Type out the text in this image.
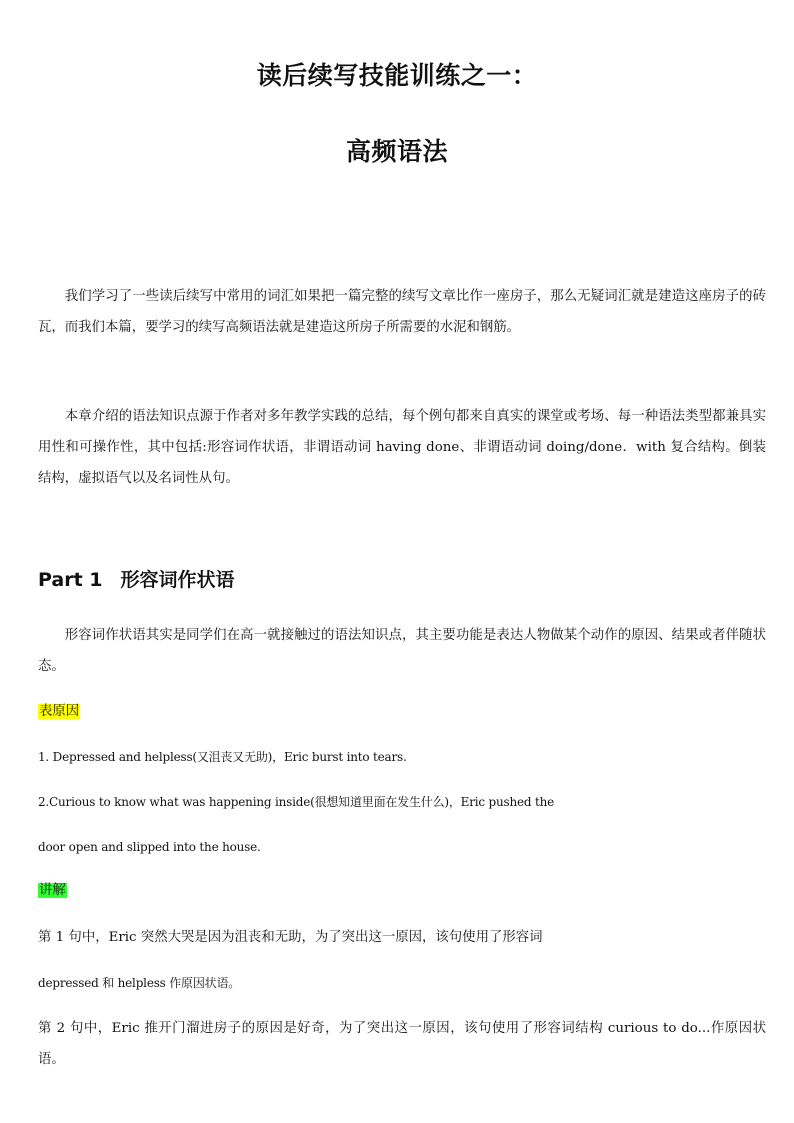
读后续写技能训练之一：
高频语法

我们学习了一些读后续写中常用的词汇如果把一篇完整的续写文章比作一座房子，那么无疑词汇就是建造这座房子的砖瓦，而我们本篇，要学习的续写高频语法就是建造这所房子所需要的水泥和钢筋。

本章介绍的语法知识点源于作者对多年教学实践的总结，每个例句都来自真实的课堂或考场、每一种语法类型都兼具实用性和可操作性，其中包括:形容词作状语，非谓语动词 having done、非谓语动词 doing/done．with 复合结构。倒装结构，虚拟语气以及名词性从句。

Part 1 形容词作状语

形容词作状语其实是同学们在高一就接触过的语法知识点，其主要功能是表达人物做某个动作的原因、结果或者伴随状态。

表原因

1. Depressed and helpless(又沮丧又无助)，Eric burst into tears.

2.Curious to know what was happening inside(很想知道里面在发生什么)，Eric pushed the

door open and slipped into the house.

讲解

第 1 句中，Eric 突然大哭是因为沮丧和无助，为了突出这一原因，该句使用了形容词

depressed 和 helpless 作原因状语。

第 2 句中，Eric 推开门溜进房子的原因是好奇，为了突出这一原因，该句使用了形容词结构 curious to do...作原因状语。
